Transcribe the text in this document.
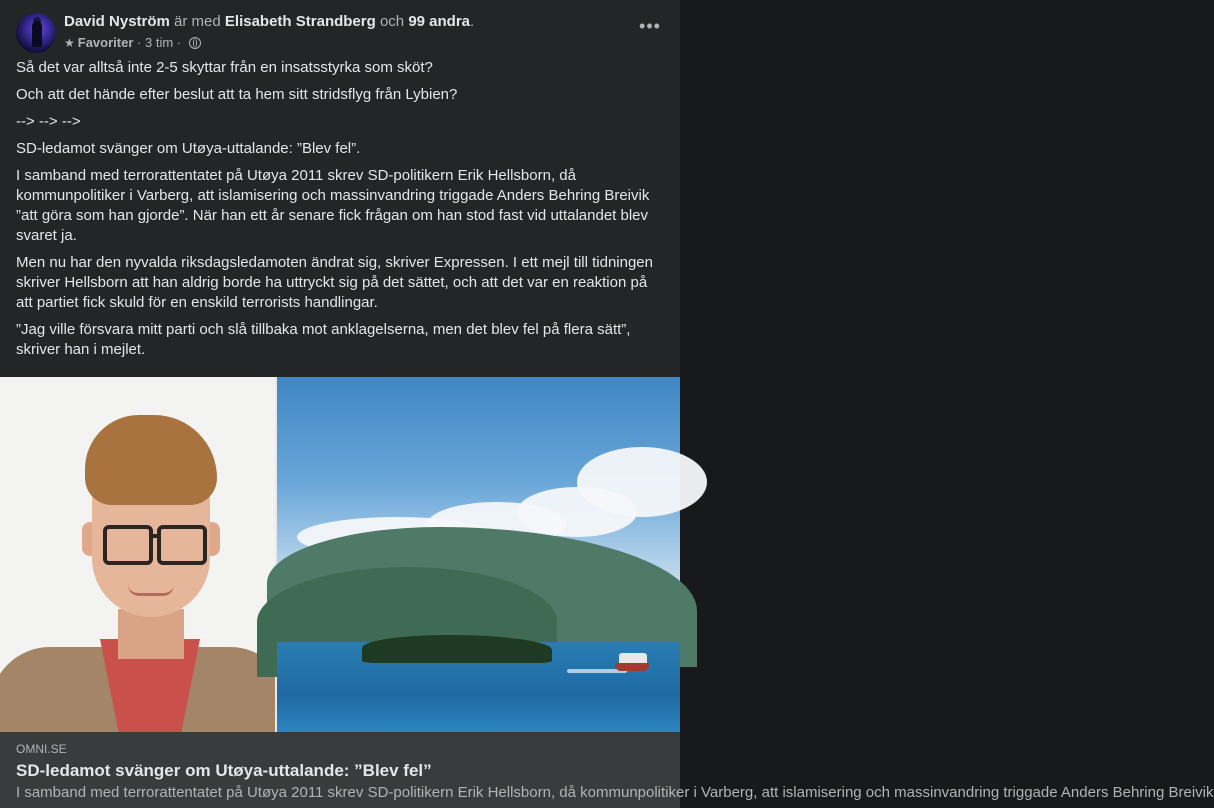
David Nyström är med Elisabeth Strandberg och 99 andra.
★ Favoriter · 3 tim ·
•••

Så det var alltså inte 2-5 skyttar från en insatsstyrka som sköt?

Och att det hände efter beslut att ta hem sitt stridsflyg från Lybien?

--> --> -->

SD-ledamot svänger om Utøya-uttalande: ”Blev fel”.

I samband med terrorattentatet på Utøya 2011 skrev SD-politikern Erik Hellsborn, då kommunpolitiker i Varberg, att islamisering och massinvandring triggade Anders Behring Breivik ”att göra som han gjorde”. När han ett år senare fick frågan om han stod fast vid uttalandet blev svaret ja.

Men nu har den nyvalda riksdagsledamoten ändrat sig, skriver Expressen. I ett mejl till tidningen skriver Hellsborn att han aldrig borde ha uttryckt sig på det sättet, och att det var en reaktion på att partiet fick skuld för en enskild terrorists handlingar.

”Jag ville försvara mitt parti och slå tillbaka mot anklagelserna, men det blev fel på flera sätt”, skriver han i mejlet.

OMNI.SE
SD-ledamot svänger om Utøya-uttalande: ”Blev fel”
I samband med terrorattentatet på Utøya 2011 skrev SD-politikern Erik Hellsborn, då kommunpolitiker i Varberg, att islamisering och massinvandring triggade Anders Behring Breivik
